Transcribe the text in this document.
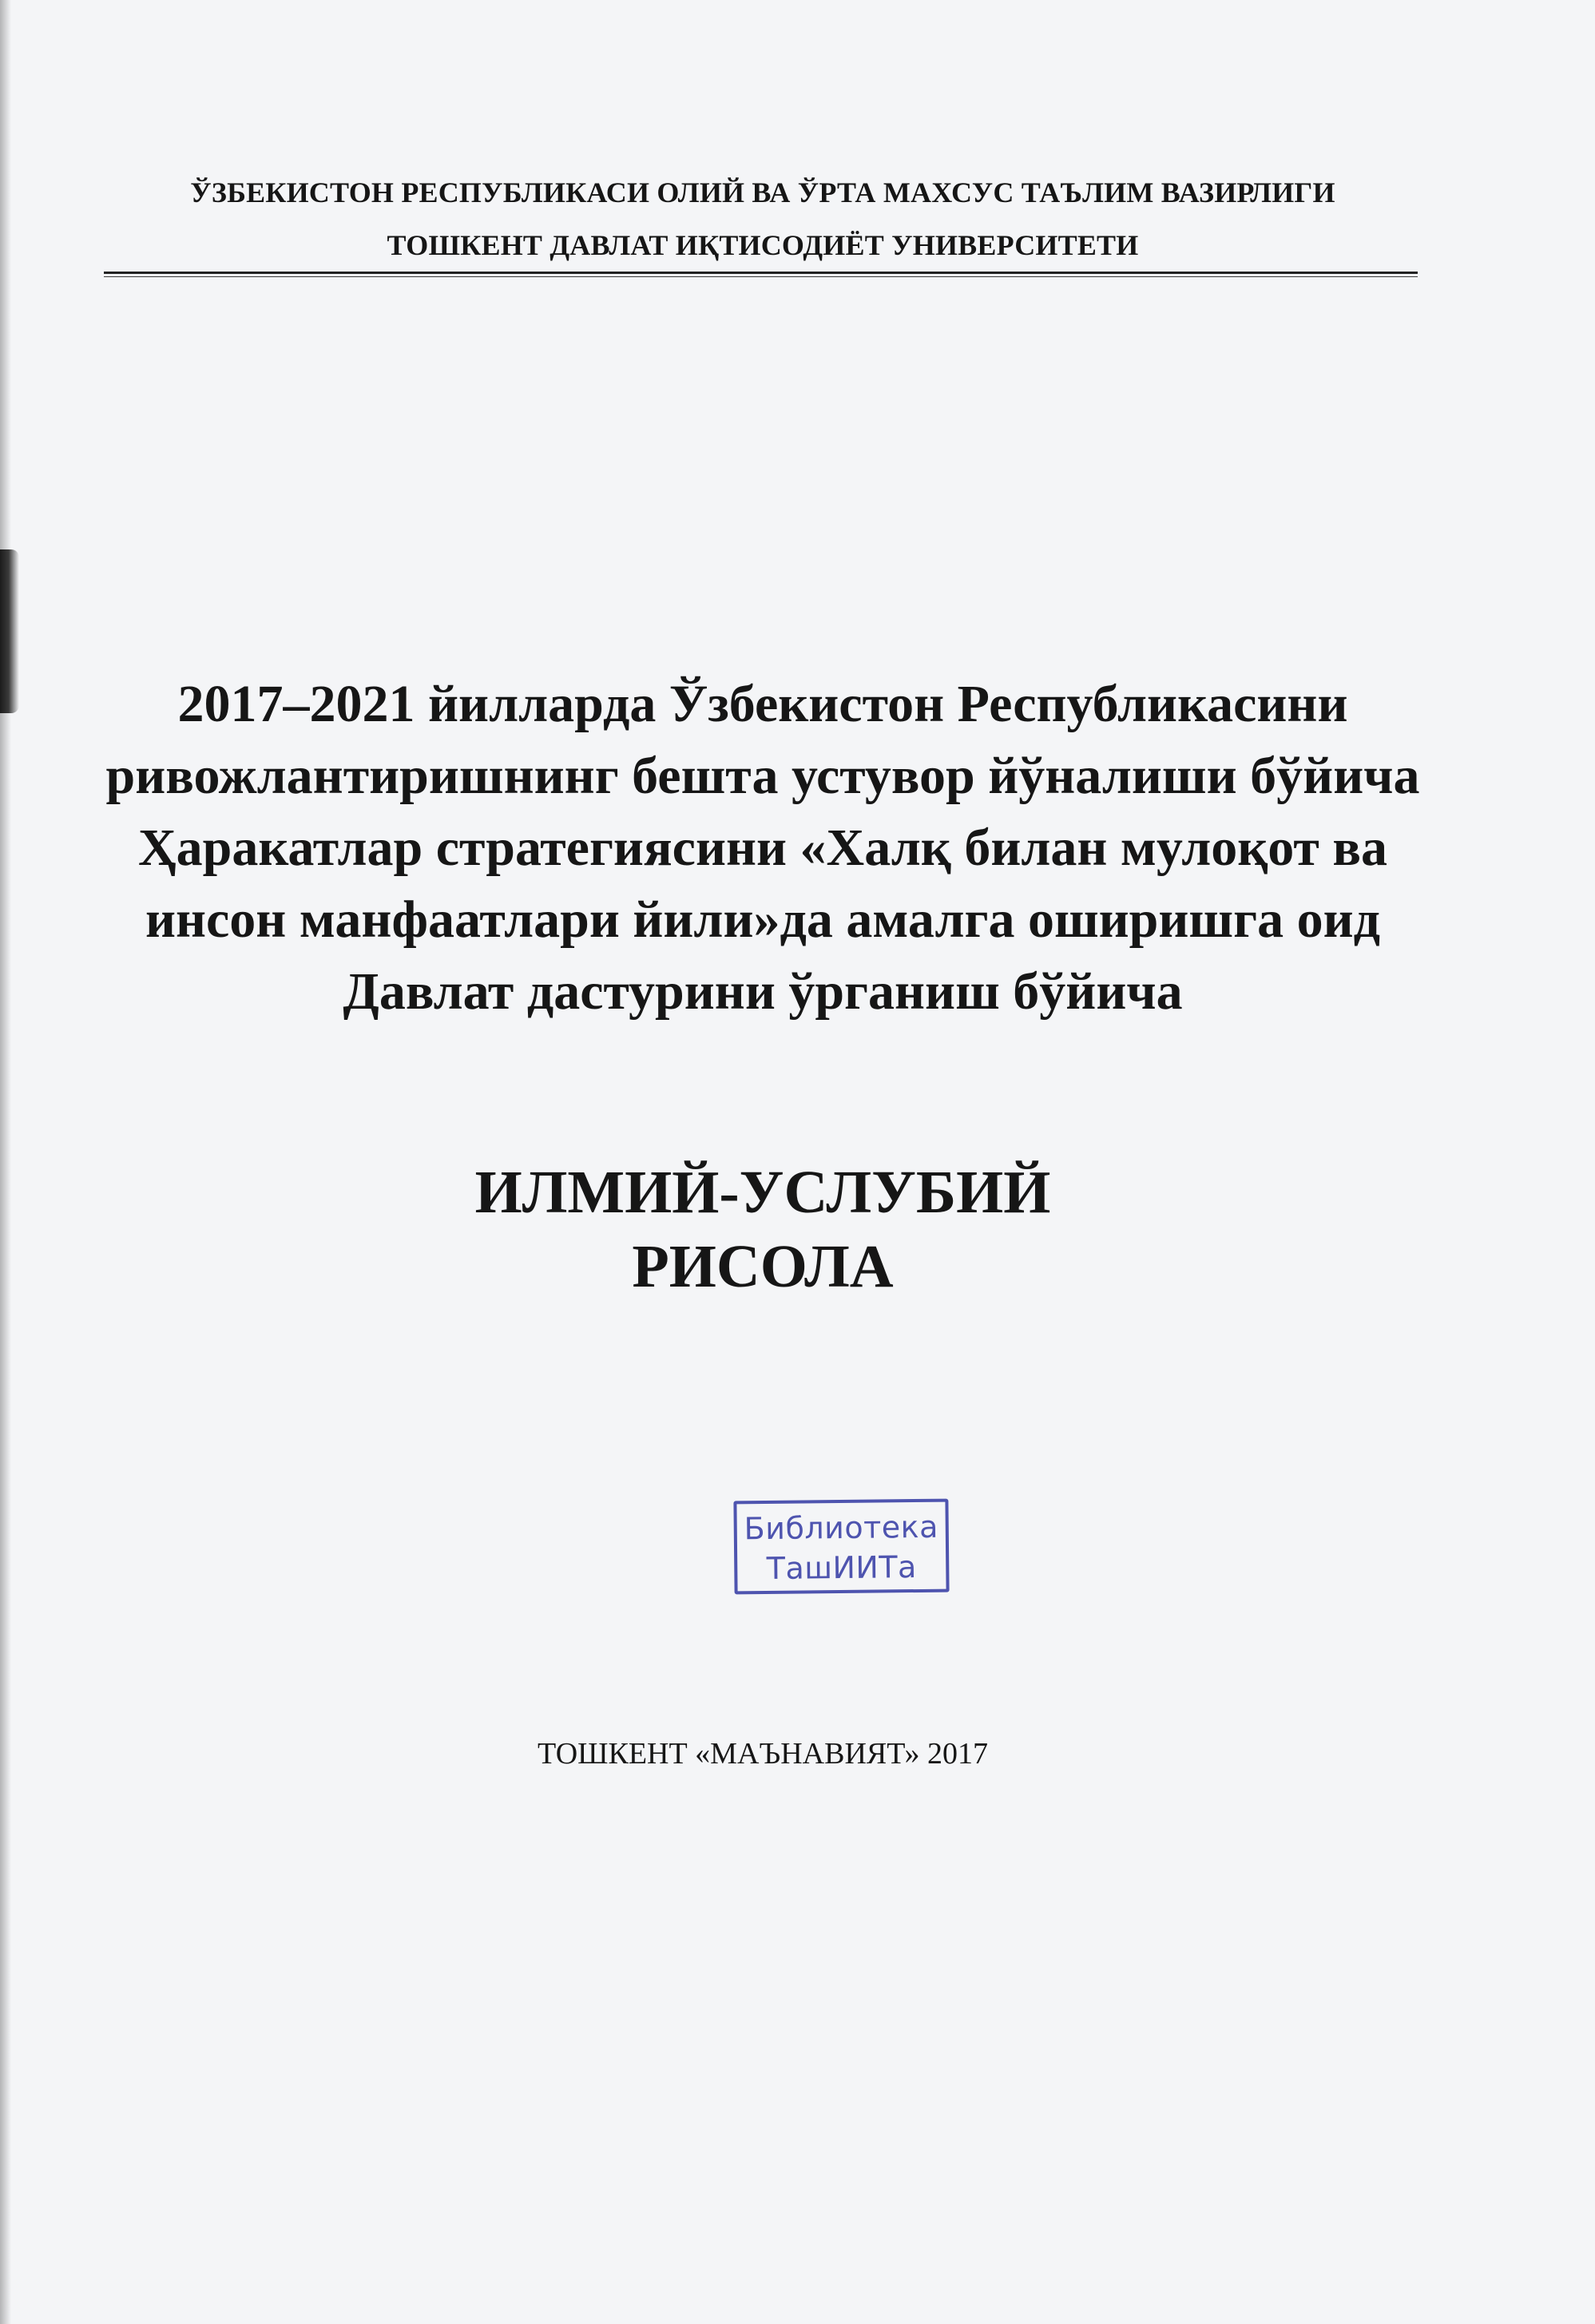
ЎЗБЕКИСТОН РЕСПУБЛИКАСИ ОЛИЙ ВА ЎРТА МАХСУС ТАЪЛИМ ВАЗИРЛИГИ
ТОШКЕНТ ДАВЛАТ ИҚТИСОДИЁТ УНИВЕРСИТЕТИ
2017–2021 йилларда Ўзбекистон Республикасини
ривожлантиришнинг бешта устувор йўналиши бўйича
Ҳаракатлар стратегиясини «Халқ билан мулоқот ва
инсон манфаатлари йили»да амалга оширишга оид
Давлат дастурини ўрганиш бўйича
ИЛМИЙ-УСЛУБИЙ
РИСОЛА
Библиотека
ТашИИТа
ТОШКЕНТ «МАЪНАВИЯТ» 2017
